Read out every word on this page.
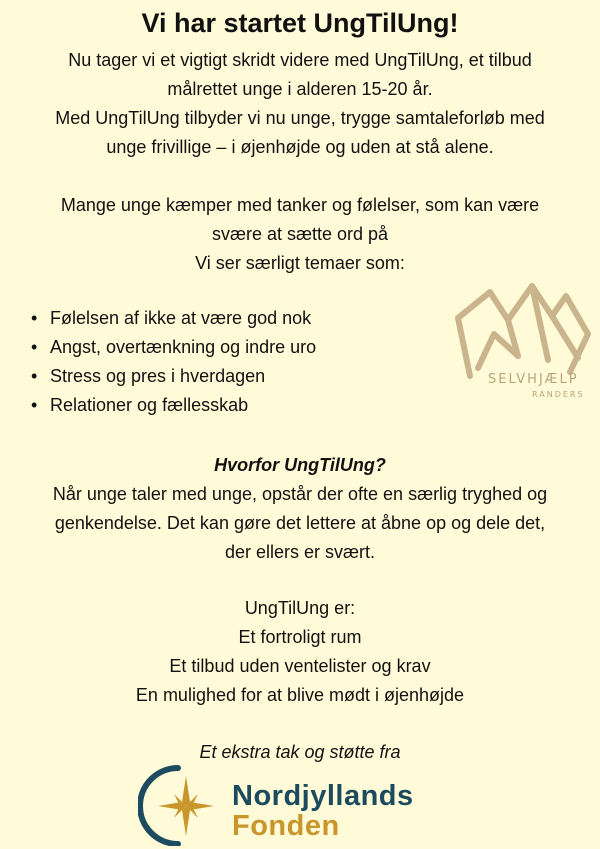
Vi har startet UngTilUng!
Nu tager vi et vigtigt skridt videre med UngTilUng, et tilbud
målrettet unge i alderen 15-20 år.
Med UngTilUng tilbyder vi nu unge, trygge samtaleforløb med
unge frivillige – i øjenhøjde og uden at stå alene.
Mange unge kæmper med tanker og følelser, som kan være
svære at sætte ord på
Vi ser særligt temaer som:
• Følelsen af ikke at være god nok
• Angst, overtænkning og indre uro
• Stress og pres i hverdagen
• Relationer og fællesskab
SELVHJÆLP
RANDERS
Hvorfor UngTilUng?
Når unge taler med unge, opstår der ofte en særlig tryghed og
genkendelse. Det kan gøre det lettere at åbne op og dele det,
der ellers er svært.
UngTilUng er:
Et fortroligt rum
Et tilbud uden ventelister og krav
En mulighed for at blive mødt i øjenhøjde
Et ekstra tak og støtte fra
Nordjyllands
Fonden
